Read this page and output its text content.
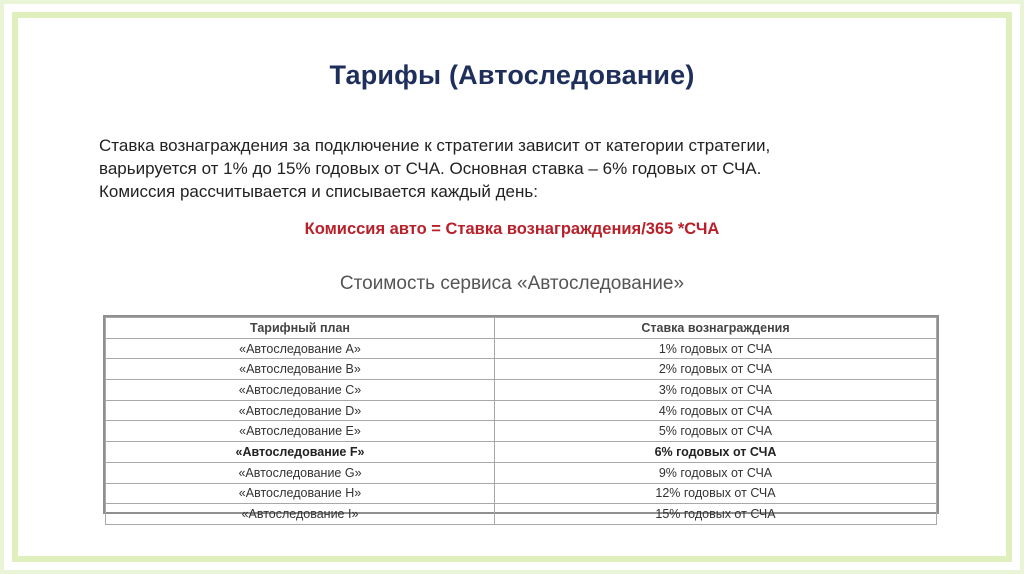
Тарифы (Автоследование)
Ставка вознаграждения за подключение к стратегии зависит от категории стратегии,
варьируется от 1% до 15% годовых от СЧА. Основная ставка – 6% годовых от СЧА.
Комиссия рассчитывается и списывается каждый день:
Комиссия авто = Ставка вознаграждения/365 *СЧА
Стоимость сервиса «Автоследование»
Тарифный план	Ставка вознаграждения
«Автоследование A»	1% годовых от СЧА
«Автоследование B»	2% годовых от СЧА
«Автоследование C»	3% годовых от СЧА
«Автоследование D»	4% годовых от СЧА
«Автоследование E»	5% годовых от СЧА
«Автоследование F»	6% годовых от СЧА
«Автоследование G»	9% годовых от СЧА
«Автоследование H»	12% годовых от СЧА
«Автоследование I»	15% годовых от СЧА
